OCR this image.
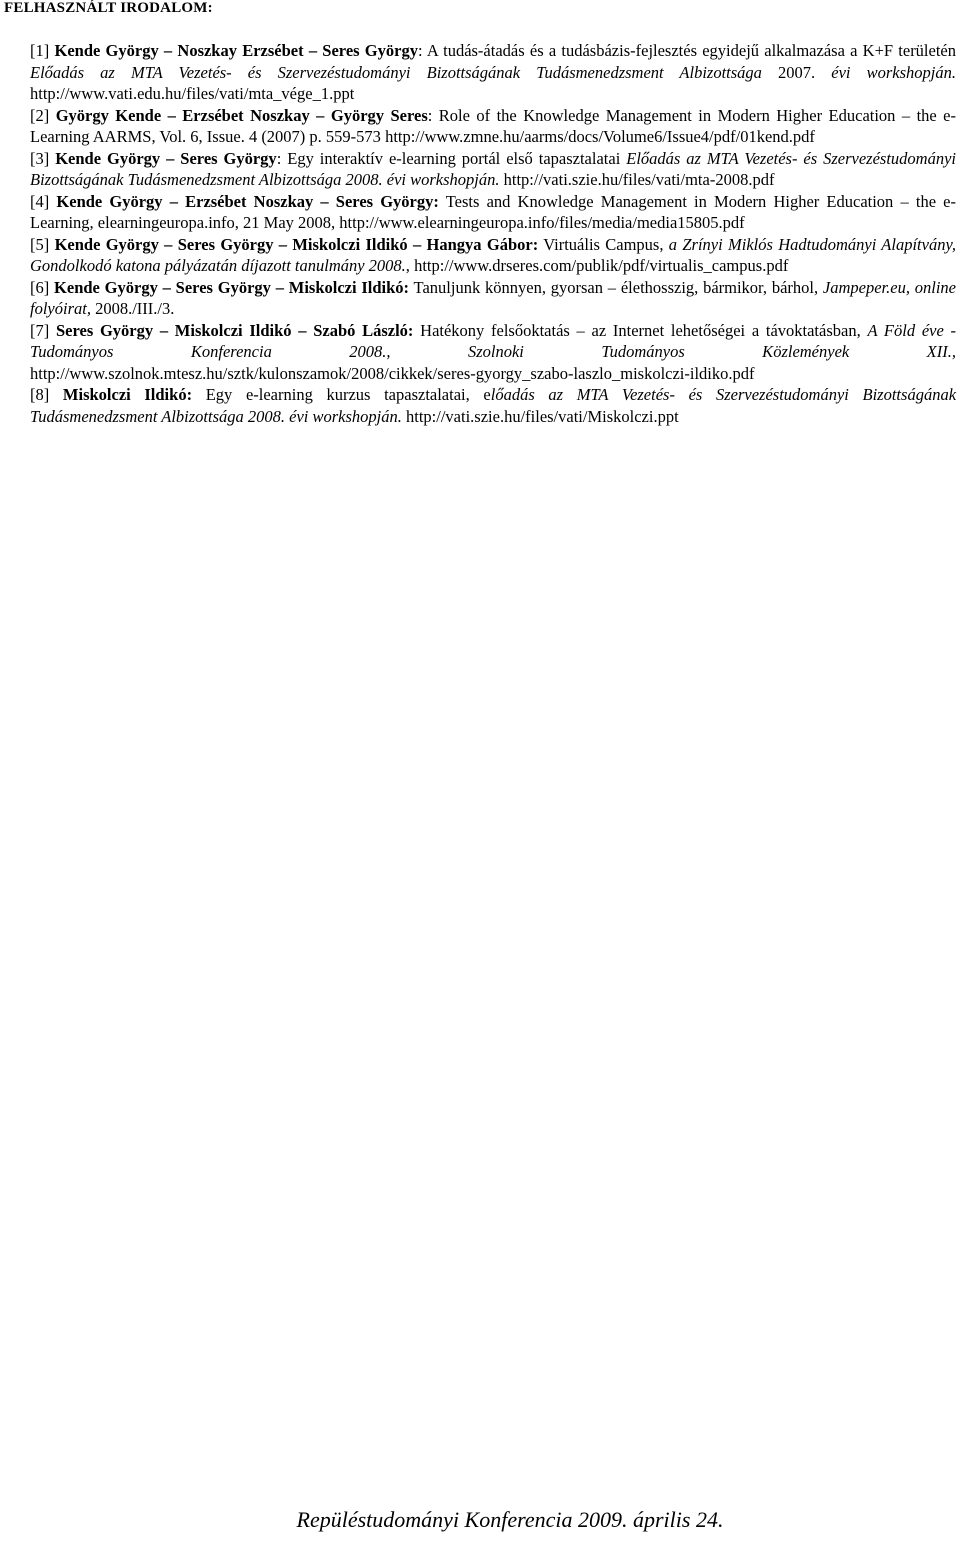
FELHASZNÁLT IRODALOM:

[1] Kende György – Noszkay Erzsébet – Seres György: A tudás-átadás és a tudásbázis-fejlesztés egyidejű alkalmazása a K+F területén Előadás az MTA Vezetés- és Szervezéstudományi Bizottságának Tudásmenedzsment Albizottsága 2007. évi workshopján. http://www.vati.edu.hu/files/vati/mta_vége_1.ppt

[2] György Kende – Erzsébet Noszkay – György Seres: Role of the Knowledge Management in Modern Higher Education – the e-Learning AARMS, Vol. 6, Issue. 4 (2007) p. 559-573 http://www.zmne.hu/aarms/docs/Volume6/Issue4/pdf/01kend.pdf

[3] Kende György – Seres György: Egy interaktív e-learning portál első tapasztalatai Előadás az MTA Vezetés- és Szervezéstudományi Bizottságának Tudásmenedzsment Albizottsága 2008. évi workshopján. http://vati.szie.hu/files/vati/mta-2008.pdf

[4] Kende György – Erzsébet Noszkay – Seres György: Tests and Knowledge Management in Modern Higher Education – the e-Learning, elearningeuropa.info, 21 May 2008, http://www.elearningeuropa.info/files/media/media15805.pdf

[5] Kende György – Seres György – Miskolczi Ildikó – Hangya Gábor: Virtuális Campus, a Zrínyi Miklós Hadtudományi Alapítvány, Gondolkodó katona pályázatán díjazott tanulmány 2008., http://www.drseres.com/publik/pdf/virtualis_campus.pdf

[6] Kende György – Seres György – Miskolczi Ildikó: Tanuljunk könnyen, gyorsan – élethosszig, bármikor, bárhol, Jampeper.eu, online folyóirat, 2008./III./3.

[7] Seres György – Miskolczi Ildikó – Szabó László: Hatékony felsőoktatás – az Internet lehetőségei a távoktatásban, A Föld éve - Tudományos Konferencia 2008., Szolnoki Tudományos Közlemények XII., http://www.szolnok.mtesz.hu/sztk/kulonszamok/2008/cikkek/seres-gyorgy_szabo-laszlo_miskolczi-ildiko.pdf

[8] Miskolczi Ildikó: Egy e-learning kurzus tapasztalatai, előadás az MTA Vezetés- és Szervezéstudományi Bizottságának Tudásmenedzsment Albizottsága 2008. évi workshopján. http://vati.szie.hu/files/vati/Miskolczi.ppt

Repüléstudományi Konferencia 2009. április 24.
